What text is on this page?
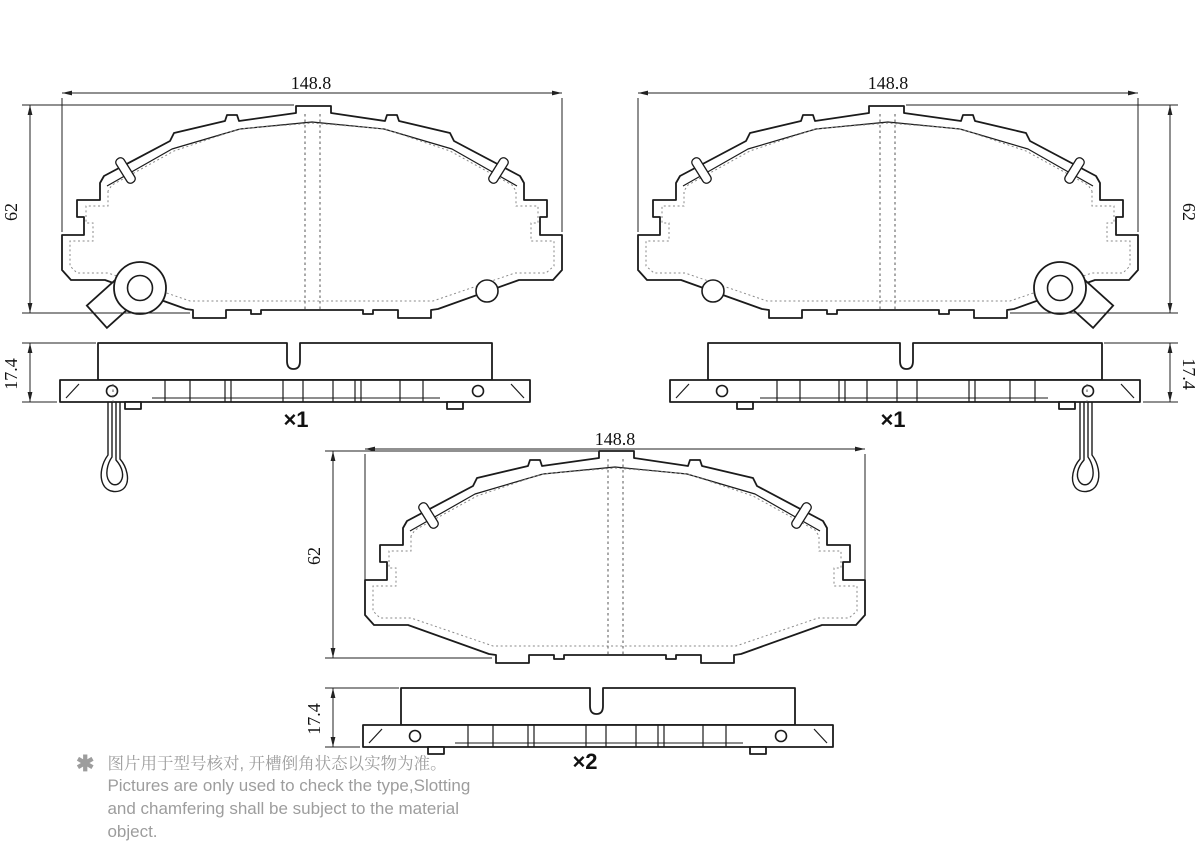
148.8
62
17.4
×1
148.8
62
17.4
×1
148.8
62
17.4
×2
✱ 图片用于型号核对, 开槽倒角状态以实物为准。
Pictures are only used to check the type,Slotting
and chamfering shall be subject to the material
object.
